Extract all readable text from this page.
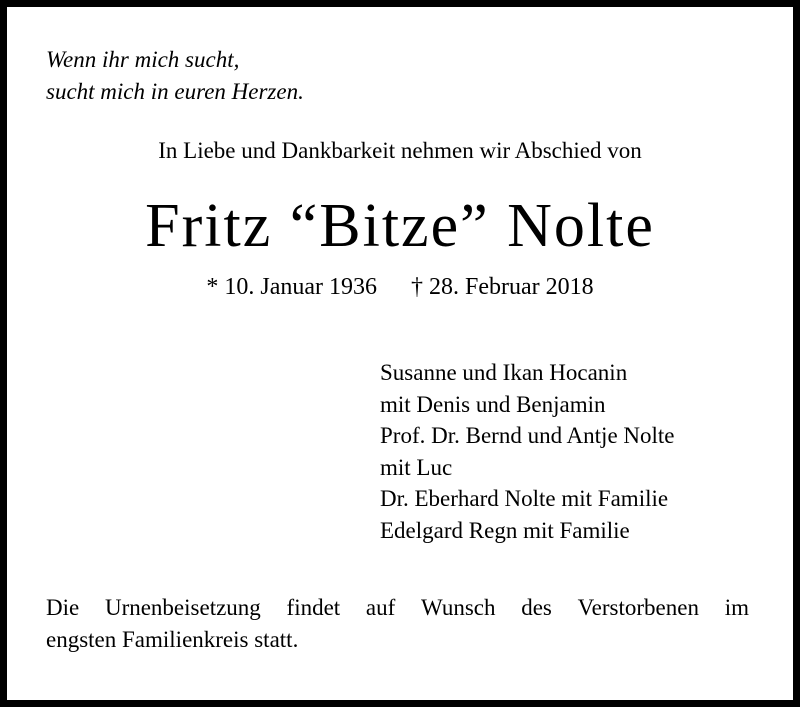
Wenn ihr mich sucht,
sucht mich in euren Herzen.
In Liebe und Dankbarkeit nehmen wir Abschied von
Fritz “Bitze” Nolte
* 10. Januar 1936 † 28. Februar 2018
Susanne und Ikan Hocanin
mit Denis und Benjamin
Prof. Dr. Bernd und Antje Nolte
mit Luc
Dr. Eberhard Nolte mit Familie
Edelgard Regn mit Familie
Die Urnenbeisetzung findet auf Wunsch des Verstorbenen im
engsten Familienkreis statt.
